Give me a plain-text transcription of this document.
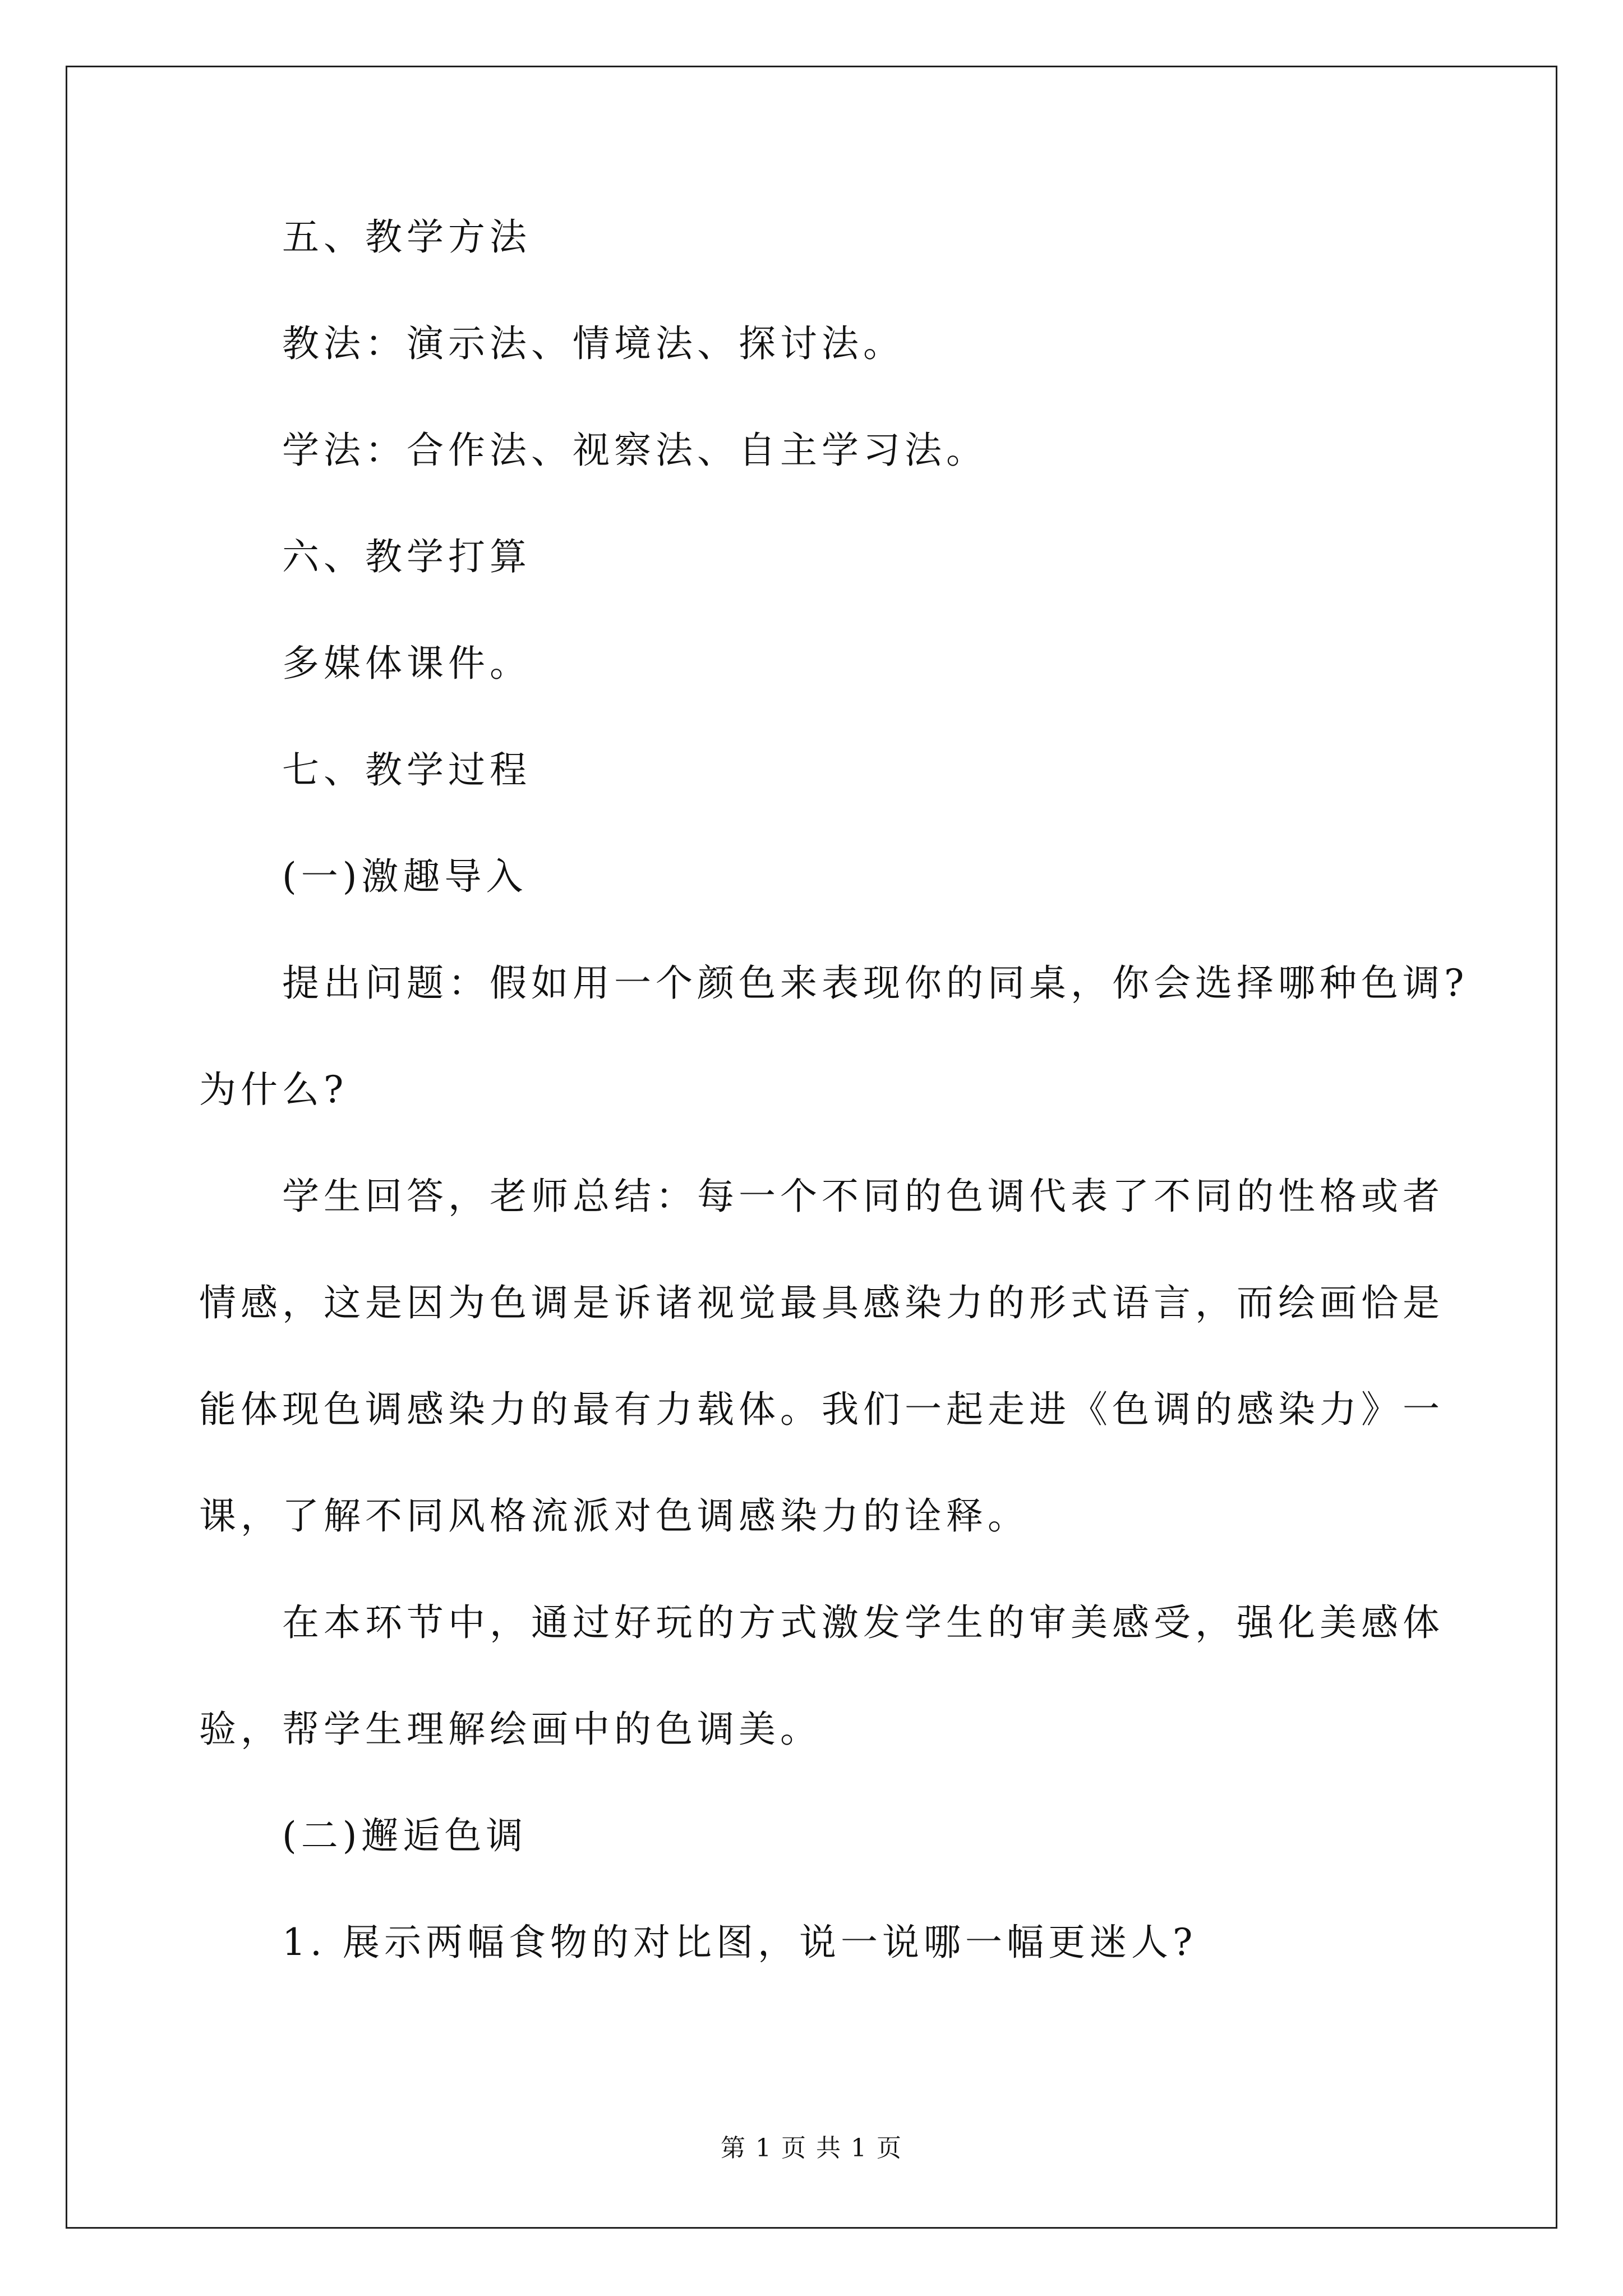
五、教学方法

教法：演示法、情境法、探讨法。

学法：合作法、视察法、自主学习法。

六、教学打算

多媒体课件。

七、教学过程

(一)激趣导入

提出问题：假如用一个颜色来表现你的同桌，你会选择哪种色调?

为什么?

学生回答，老师总结：每一个不同的色调代表了不同的性格或者

情感，这是因为色调是诉诸视觉最具感染力的形式语言，而绘画恰是

能体现色调感染力的最有力载体。我们一起走进《色调的感染力》一

课，了解不同风格流派对色调感染力的诠释。

在本环节中，通过好玩的方式激发学生的审美感受，强化美感体

验，帮学生理解绘画中的色调美。

(二)邂逅色调

1. 展示两幅食物的对比图，说一说哪一幅更迷人?

第 1 页 共 1 页
